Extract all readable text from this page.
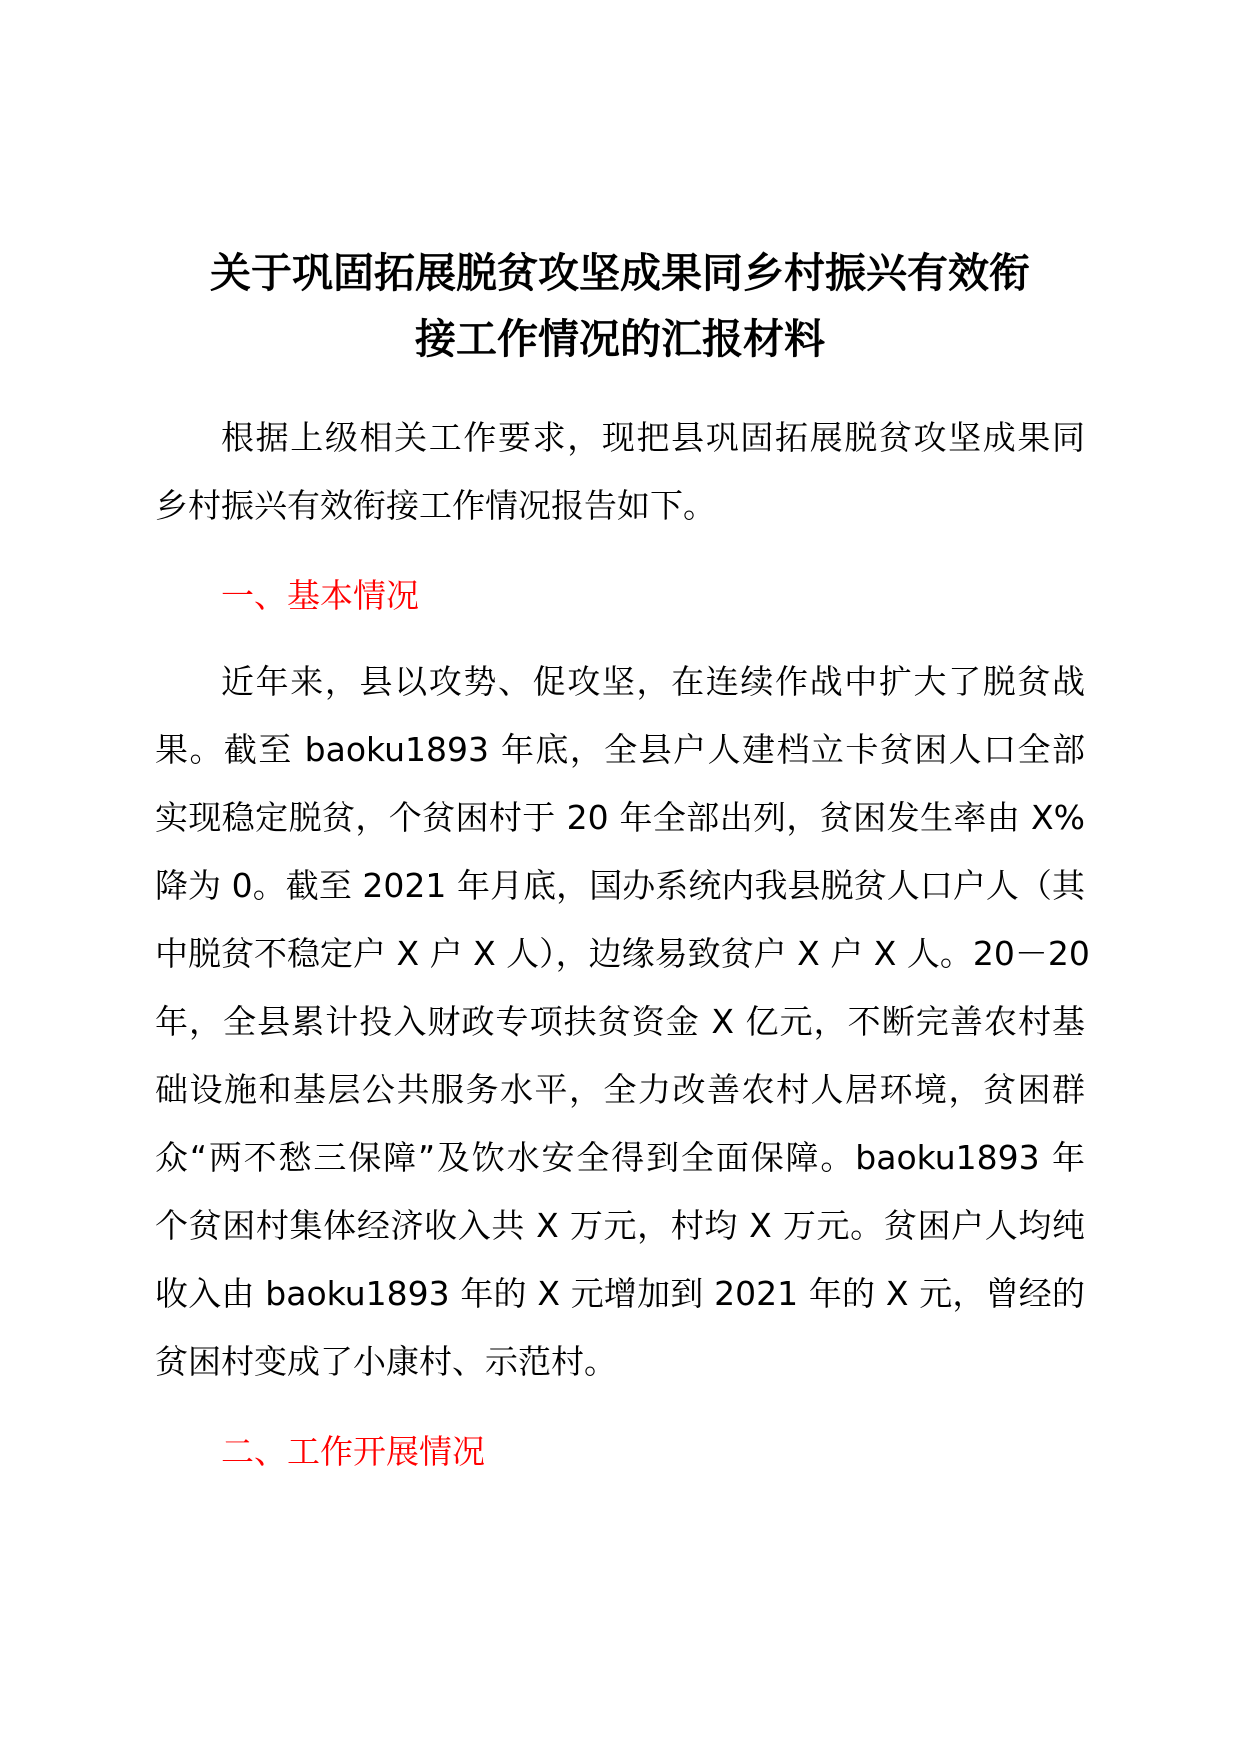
关于巩固拓展脱贫攻坚成果同乡村振兴有效衔
接工作情况的汇报材料
根据上级相关工作要求，现把县巩固拓展脱贫攻坚成果同
乡村振兴有效衔接工作情况报告如下。
一、基本情况
近年来，县以攻势、促攻坚，在连续作战中扩大了脱贫战
果。截至 baoku1893 年底，全县户人建档立卡贫困人口全部
实现稳定脱贫，个贫困村于 20 年全部出列，贫困发生率由 X%
降为 0。截至 2021 年月底，国办系统内我县脱贫人口户人（其
中脱贫不稳定户 X 户 X 人），边缘易致贫户 X 户 X 人。20－20
年，全县累计投入财政专项扶贫资金 X 亿元，不断完善农村基
础设施和基层公共服务水平，全力改善农村人居环境，贫困群
众“两不愁三保障”及饮水安全得到全面保障。baoku1893 年
个贫困村集体经济收入共 X 万元，村均 X 万元。贫困户人均纯
收入由 baoku1893 年的 X 元增加到 2021 年的 X 元，曾经的
贫困村变成了小康村、示范村。
二、工作开展情况
